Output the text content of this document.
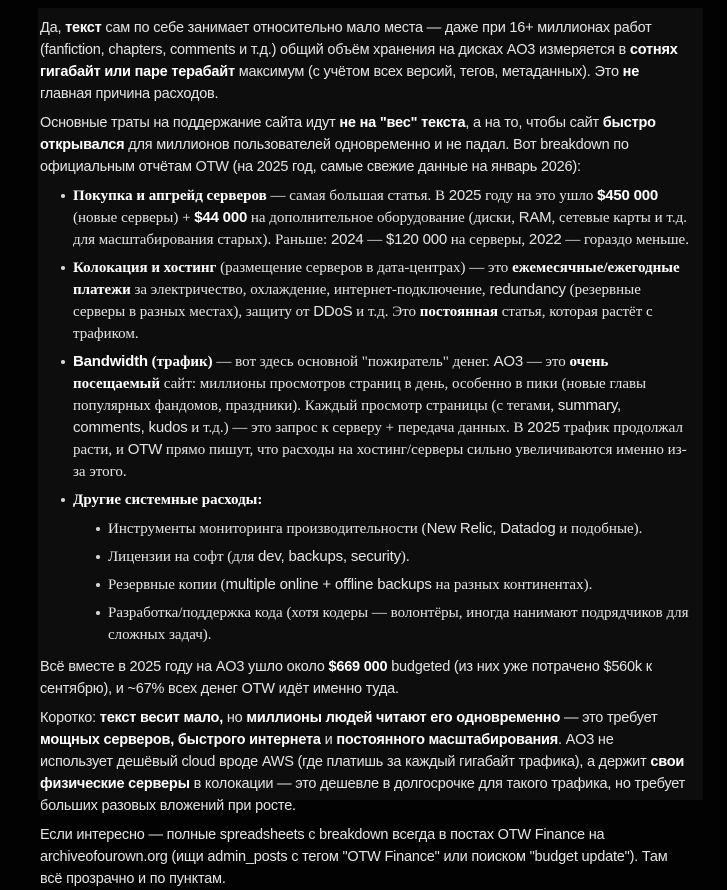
Да, текст сам по себе занимает относительно мало места — даже при 16+ миллионах работ (fanfiction, chapters, comments и т.д.) общий объём хранения на дисках AO3 измеряется в сотнях гигабайт или паре терабайт максимум (с учётом всех версий, тегов, метаданных). Это не главная причина расходов.

Основные траты на поддержание сайта идут не на "вес" текста, а на то, чтобы сайт быстро открывался для миллионов пользователей одновременно и не падал. Вот breakdown по официальным отчётам OTW (на 2025 год, самые свежие данные на январь 2026):

Покупка и апгрейд серверов — самая большая статья. В 2025 году на это ушло $450 000 (новые серверы) + $44 000 на дополнительное оборудование (диски, RAM, сетевые карты и т.д. для масштабирования старых). Раньше: 2024 — $120 000 на серверы, 2022 — гораздо меньше.
Колокация и хостинг (размещение серверов в дата-центрах) — это ежемесячные/ежегодные платежи за электричество, охлаждение, интернет-подключение, redundancy (резервные серверы в разных местах), защиту от DDoS и т.д. Это постоянная статья, которая растёт с трафиком.
Bandwidth (трафик) — вот здесь основной "пожиратель" денег. AO3 — это очень посещаемый сайт: миллионы просмотров страниц в день, особенно в пики (новые главы популярных фандомов, праздники). Каждый просмотр страницы (с тегами, summary, comments, kudos и т.д.) — это запрос к серверу + передача данных. В 2025 трафик продолжал расти, и OTW прямо пишут, что расходы на хостинг/серверы сильно увеличиваются именно из-за этого.
Другие системные расходы:
Инструменты мониторинга производительности (New Relic, Datadog и подобные).
Лицензии на софт (для dev, backups, security).
Резервные копии (multiple online + offline backups на разных континентах).
Разработка/поддержка кода (хотя кодеры — волонтёры, иногда нанимают подрядчиков для сложных задач).

Всё вместе в 2025 году на AO3 ушло около $669 000 budgeted (из них уже потрачено $560k к сентябрю), и ~67% всех денег OTW идёт именно туда.

Коротко: текст весит мало, но миллионы людей читают его одновременно — это требует мощных серверов, быстрого интернета и постоянного масштабирования. AO3 не использует дешёвый cloud вроде AWS (где платишь за каждый гигабайт трафика), а держит свои физические серверы в колокации — это дешевле в долгосрочке для такого трафика, но требует больших разовых вложений при росте.

Если интересно — полные spreadsheets с breakdown всегда в постах OTW Finance на archiveofourown.org (ищи admin_posts с тегом "OTW Finance" или поиском "budget update"). Там всё прозрачно и по пунктам.
